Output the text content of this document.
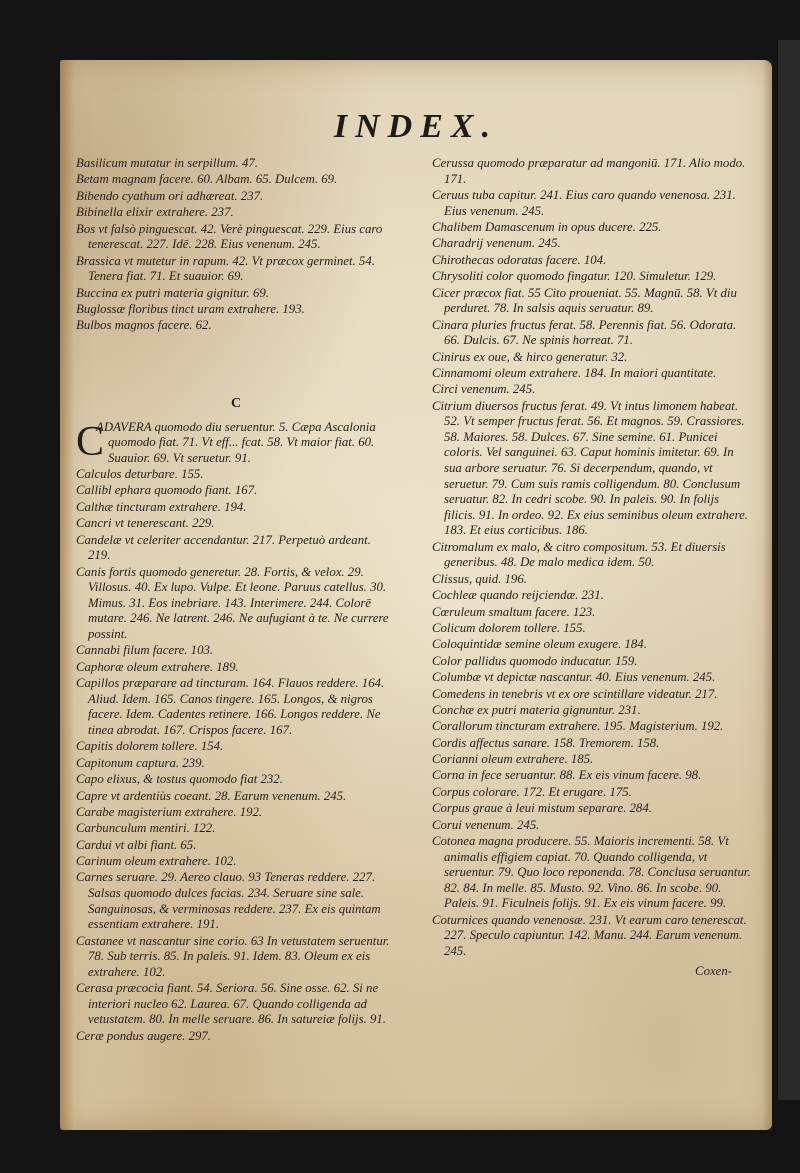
INDEX.
Basilicum mutatur in serpillum. 47.
Betam magnam facere. 60. Albam. 65. Dulcem. 69.
Bibendo cyathum ori adhæreat. 237.
Bibinella elixir extrahere. 237.
Bos vt falsò pinguescat. 42. Verè pinguescat. 229. Eius caro tenerescat. 227. Idē. 228. Eius venenum. 245.
Brassica vt mutetur in rapum. 42. Vt præcox germinet. 54. Tenera fiat. 71. Et suauior. 69.
Buccina ex putri materia gignitur. 69.
Buglossæ floribus tinct uram extrahere. 193.
Bulbos magnos facere. 62.
C
C
ADAVERA quomodo diu seruentur. 5. Cæpa Ascalonia quomodo fiat. 71. Vt eff... fcat. 58. Vt maior fiat. 60. Suauior. 69. Vt seruetur. 91.
Calculos deturbare. 155.
Callibl ephara quomodo fiant. 167.
Calthæ tincturam extrahere. 194.
Cancri vt tenerescant. 229.
Candelæ vt celeriter accendantur. 217. Perpetuò ardeant. 219.
Canis fortis quomodo generetur. 28. Fortis, & velox. 29. Villosus. 40. Ex lupo. Vulpe. Et leone. Paruus catellus. 30. Mimus. 31. Eos inebriare. 143. Interimere. 244. Colorē mutare. 246. Ne latrent. 246. Ne aufugiant à te. Ne currere possint.
Cannabi filum facere. 103.
Caphoræ oleum extrahere. 189.
Capillos præparare ad tincturam. 164. Flauos reddere. 164. Aliud. Idem. 165. Canos tingere. 165. Longos, & nigros facere. Idem. Cadentes retinere. 166. Longos reddere. Ne tinea abrodat. 167. Crispos facere. 167.
Capitis dolorem tollere. 154.
Capitonum captura. 239.
Capo elixus, & tostus quomodo fiat 232.
Capre vt ardentiùs coeant. 28. Earum venenum. 245.
Carabe magisterium extrahere. 192.
Carbunculum mentiri. 122.
Cardui vt albi fiant. 65.
Carinum oleum extrahere. 102.
Carnes seruare. 29. Aereo clauo. 93 Teneras reddere. 227. Salsas quomodo dulces facias. 234. Seruare sine sale. Sanguinosas, & verminosas reddere. 237. Ex eis quintam essentiam extrahere. 191.
Castanee vt nascantur sine corio. 63 In vetustatem seruentur. 78. Sub terris. 85. In paleis. 91. Idem. 83. Oleum ex eis extrahere. 102.
Cerasa præcocia fiant. 54. Seriora. 56. Sine osse. 62. Si ne interiori nucleo 62. Laurea. 67. Quando colligenda ad vetustatem. 80. In melle seruare. 86. In satureiæ folijs. 91.
Ceræ pondus augere. 297.
Cerussa quomodo præparatur ad mangoniū. 171. Alio modo. 171.
Ceruus tuba capitur. 241. Eius caro quando venenosa. 231. Eius venenum. 245.
Chalibem Damascenum in opus ducere. 225.
Charadrij venenum. 245.
Chirothecas odoratas facere. 104.
Chrysoliti color quomodo fingatur. 120. Simuletur. 129.
Cicer præcox fiat. 55 Cito proueniat. 55. Magnū. 58. Vt diu perduret. 78. In salsis aquis seruatur. 89.
Cinara pluries fructus ferat. 58. Perennis fiat. 56. Odorata. 66. Dulcis. 67. Ne spinis horreat. 71.
Cinirus ex oue, & hirco generatur. 32.
Cinnamomi oleum extrahere. 184. In maiori quantitate.
Circi venenum. 245.
Citrium diuersos fructus ferat. 49. Vt intus limonem habeat. 52. Vt semper fructus ferat. 56. Et magnos. 59. Crassiores. 58. Maiores. 58. Dulces. 67. Sine semine. 61. Punicei coloris. Vel sanguinei. 63. Caput hominis imitetur. 69. In sua arbore seruatur. 76. Si decerpendum, quando, vt seruetur. 79. Cum suis ramis colligendum. 80. Conclusum seruatur. 82. In cedri scobe. 90. In paleis. 90. In folijs filicis. 91. In ordeo. 92. Ex eius seminibus oleum extrahere. 183. Et eius corticibus. 186.
Citromalum ex malo, & citro compositum. 53. Et diuersis generibus. 48. De malo medica idem. 50.
Clissus, quid. 196.
Cochleæ quando reijciendæ. 231.
Cœruleum smaltum facere. 123.
Colicum dolorem tollere. 155.
Coloquintidæ semine oleum exugere. 184.
Color pallidus quomodo inducatur. 159.
Columbæ vt depictæ nascantur. 40. Eius venenum. 245.
Comedens in tenebris vt ex ore scintillare videatur. 217.
Conchæ ex putri materia gignuntur. 231.
Corallorum tincturam extrahere. 195. Magisterium. 192.
Cordis affectus sanare. 158. Tremorem. 158.
Corianni oleum extrahere. 185.
Corna in fece seruantur. 88. Ex eis vinum facere. 98.
Corpus colorare. 172. Et erugare. 175.
Corpus graue à leui mistum separare. 284.
Corui venenum. 245.
Cotonea magna producere. 55. Maioris incrementi. 58. Vt animalis effigiem capiat. 70. Quando colligenda, vt seruentur. 79. Quo loco reponenda. 78. Conclusa seruantur. 82. 84. In melle. 85. Musto. 92. Vino. 86. In scobe. 90. Paleis. 91. Ficulneis folijs. 91. Ex eis vinum facere. 99.
Coturnices quando venenosæ. 231. Vt earum caro tenerescat. 227. Speculo capiuntur. 142. Manu. 244. Earum venenum. 245.
Coxen-
